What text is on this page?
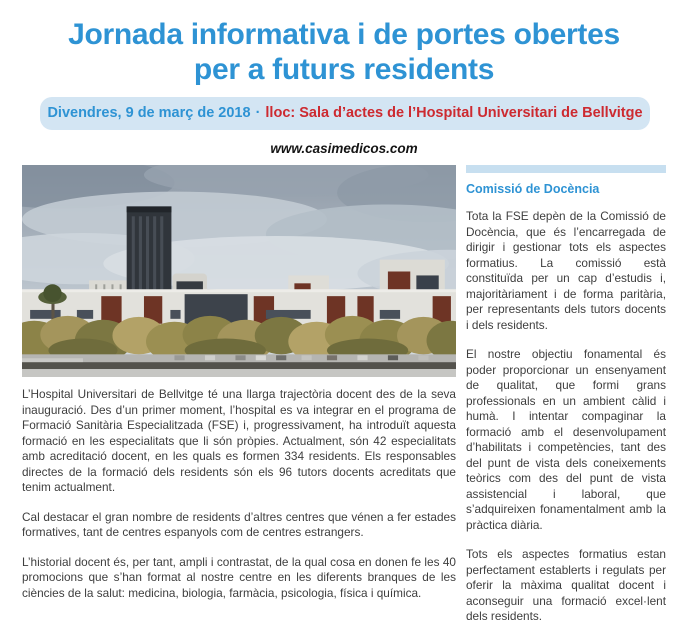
Jornada informativa i de portes obertes
per a futurs residents
Divendres, 9 de març de 2018 · lloc: Sala d’actes de l’Hospital Universitari de Bellvitge
www.casimedicos.com

L’Hospital Universitari de Bellvitge té una llarga trajectòria docent des de la seva inauguració. Des d’un primer moment, l’hospital es va integrar en el programa de Formació Sanitària Especialitzada (FSE) i, progressivament, ha introduït aquesta formació en les especialitats que li són pròpies. Actualment, són 42 especialitats amb acreditació docent, en les quals es formen 334 residents. Els responsables directes de la formació dels residents són els 96 tutors docents acreditats que tenim actualment.

Cal destacar el gran nombre de residents d’altres centres que vénen a fer estades formatives, tant de centres espanyols com de centres estrangers.

L’historial docent és, per tant, ampli i contrastat, de la qual cosa en donen fe les 40 promocions que s’han format al nostre centre en les diferents branques de les ciències de la salut: medicina, biologia, farmàcia, psicologia, física i química.

Comissió de Docència

Tota la FSE depèn de la Comissió de Docència, que és l’encarregada de dirigir i gestionar tots els aspectes formatius. La comissió està constituïda per un cap d’estudis i, majoritàriament i de forma paritària, per representants dels tutors docents i dels residents.

El nostre objectiu fonamental és poder proporcionar un ensenyament de qualitat, que formi grans professionals en un ambient càlid i humà. I intentar compaginar la formació amb el desenvolupament d’habilitats i competències, tant des del punt de vista dels coneixements teòrics com des del punt de vista assistencial i laboral, que s’adquireixen fonamentalment amb la pràctica diària.

Tots els aspectes formatius estan perfectament establerts i regulats per oferir la màxima qualitat docent i aconseguir una formació excel·lent dels residents.
